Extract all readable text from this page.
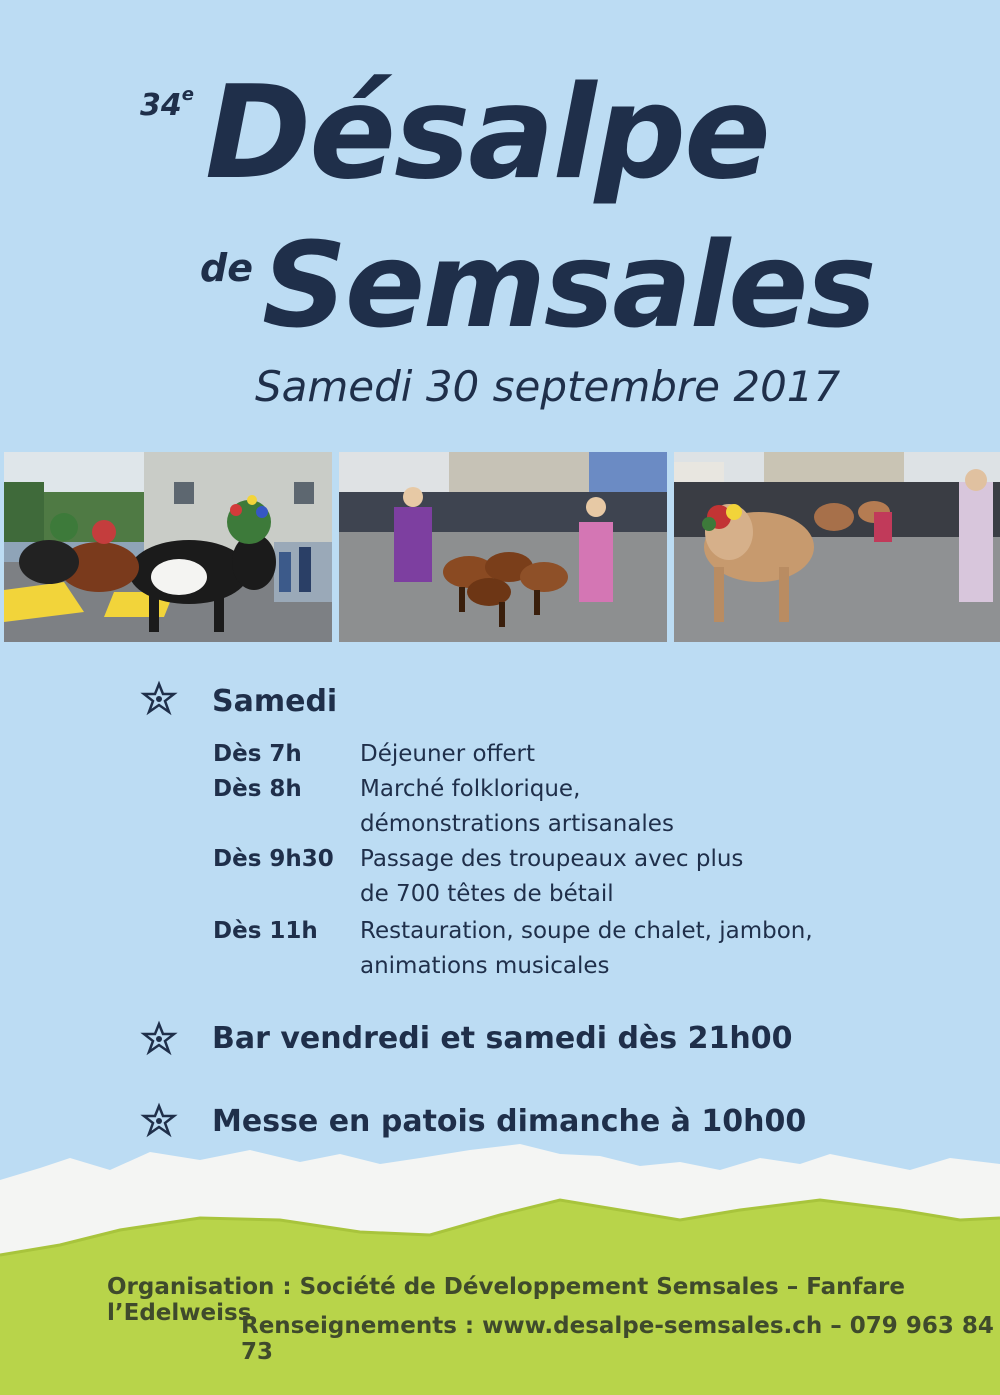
34e Désalpe
de Semsales
Samedi 30 septembre 2017
Samedi
Dès 7h	Déjeuner offert
Dès 8h	Marché folklorique,
démonstrations artisanales
Dès 9h30 Passage des troupeaux avec plus
de 700 têtes de bétail
Dès 11h Restauration, soupe de chalet, jambon,
animations musicales
Bar vendredi et samedi dès 21h00
Messe en patois dimanche à 10h00
Organisation : Société de Développement Semsales – Fanfare l’Edelweiss
Renseignements : www.desalpe-semsales.ch – 079 963 84 73
